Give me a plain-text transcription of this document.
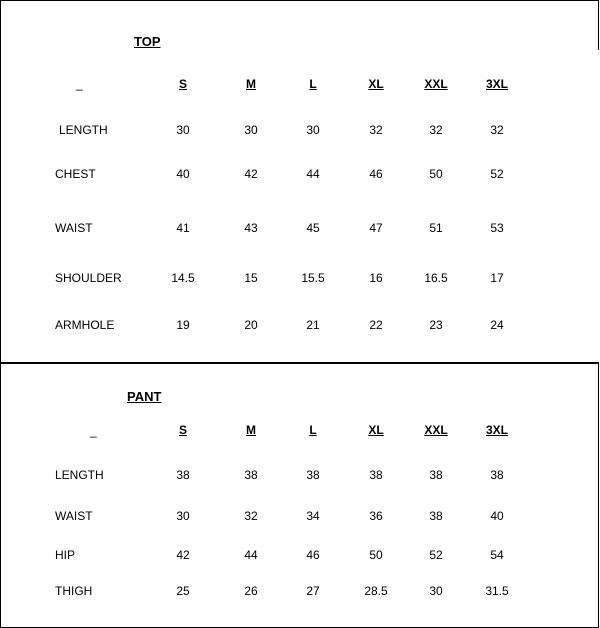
TOP
_	S	M	L	XL	XXL	3XL
LENGTH	30	30	30	32	32	32
CHEST	40	42	44	46	50	52
WAIST	41	43	45	47	51	53
SHOULDER	14.5	15	15.5	16	16.5	17
ARMHOLE	19	20	21	22	23	24
PANT
_	S	M	L	XL	XXL	3XL
LENGTH	38	38	38	38	38	38
WAIST	30	32	34	36	38	40
HIP	42	44	46	50	52	54
THIGH	25	26	27	28.5	30	31.5
